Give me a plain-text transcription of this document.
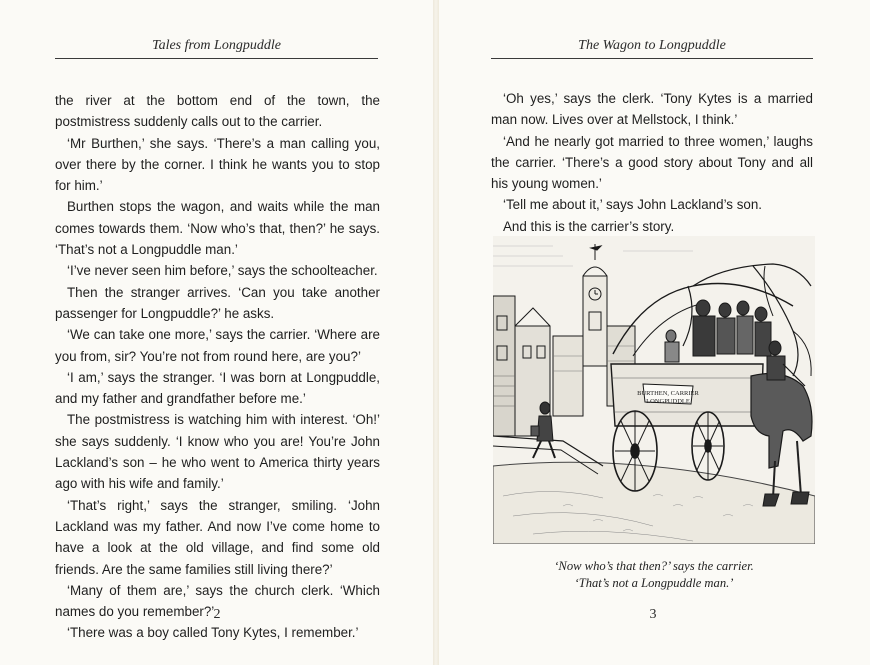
Tales from Longpuddle

the river at the bottom end of the town, the postmistress suddenly calls out to the carrier.

‘Mr Burthen,’ she says. ‘There’s a man calling you, over there by the corner. I think he wants you to stop for him.’

Burthen stops the wagon, and waits while the man comes towards them. ‘Now who’s that, then?’ he says. ‘That’s not a Longpuddle man.’

‘I’ve never seen him before,’ says the schoolteacher.

Then the stranger arrives. ‘Can you take another passenger for Longpuddle?’ he asks.

‘We can take one more,’ says the carrier. ‘Where are you from, sir? You’re not from round here, are you?’

‘I am,’ says the stranger. ‘I was born at Longpuddle, and my father and grandfather before me.’

The postmistress is watching him with interest. ‘Oh!’ she says suddenly. ‘I know who you are! You’re John Lackland’s son – he who went to America thirty years ago with his wife and family.’

‘That’s right,’ says the stranger, smiling. ‘John Lackland was my father. And now I’ve come home to have a look at the old village, and find some old friends. Are the same families still living there?’

‘Many of them are,’ says the church clerk. ‘Which names do you remember?’

‘There was a boy called Tony Kytes, I remember.’

2
The Wagon to Longpuddle

‘Oh yes,’ says the clerk. ‘Tony Kytes is a married man now. Lives over at Mellstock, I think.’

‘And he nearly got married to three women,’ laughs the carrier. ‘There’s a good story about Tony and all his young women.’

‘Tell me about it,’ says John Lackland’s son.

And this is the carrier’s story.

BURTHEN, CARRIER
LONGPUDDLE
‘Now who’s that then?’ says the carrier.
‘That’s not a Longpuddle man.’
3
